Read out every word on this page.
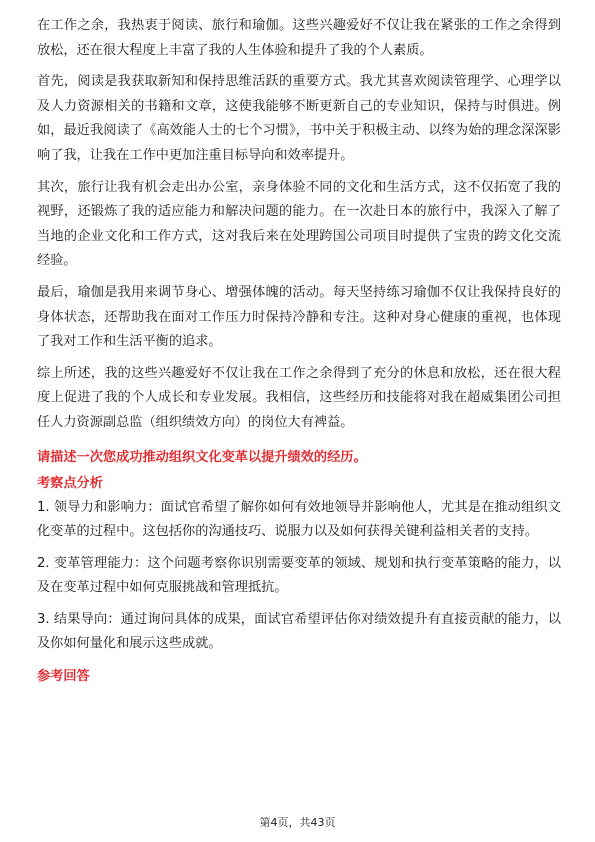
在工作之余，我热衷于阅读、旅行和瑜伽。这些兴趣爱好不仅让我在紧张的工作之余得到放松，还在很大程度上丰富了我的人生体验和提升了我的个人素质。

首先，阅读是我获取新知和保持思维活跃的重要方式。我尤其喜欢阅读管理学、心理学以及人力资源相关的书籍和文章，这使我能够不断更新自己的专业知识，保持与时俱进。例如，最近我阅读了《高效能人士的七个习惯》，书中关于积极主动、以终为始的理念深深影响了我，让我在工作中更加注重目标导向和效率提升。

其次，旅行让我有机会走出办公室，亲身体验不同的文化和生活方式，这不仅拓宽了我的视野，还锻炼了我的适应能力和解决问题的能力。在一次赴日本的旅行中，我深入了解了当地的企业文化和工作方式，这对我后来在处理跨国公司项目时提供了宝贵的跨文化交流经验。

最后，瑜伽是我用来调节身心、增强体魄的活动。每天坚持练习瑜伽不仅让我保持良好的身体状态，还帮助我在面对工作压力时保持冷静和专注。这种对身心健康的重视，也体现了我对工作和生活平衡的追求。

综上所述，我的这些兴趣爱好不仅让我在工作之余得到了充分的休息和放松，还在很大程度上促进了我的个人成长和专业发展。我相信，这些经历和技能将对我在超威集团公司担任人力资源副总监（组织绩效方向）的岗位大有裨益。

请描述一次您成功推动组织文化变革以提升绩效的经历。
考察点分析

1. 领导力和影响力：面试官希望了解你如何有效地领导并影响他人，尤其是在推动组织文化变革的过程中。这包括你的沟通技巧、说服力以及如何获得关键利益相关者的支持。

2. 变革管理能力：这个问题考察你识别需要变革的领域、规划和执行变革策略的能力，以及在变革过程中如何克服挑战和管理抵抗。

3. 结果导向：通过询问具体的成果，面试官希望评估你对绩效提升有直接贡献的能力，以及你如何量化和展示这些成就。

参考回答
第4页，共43页
